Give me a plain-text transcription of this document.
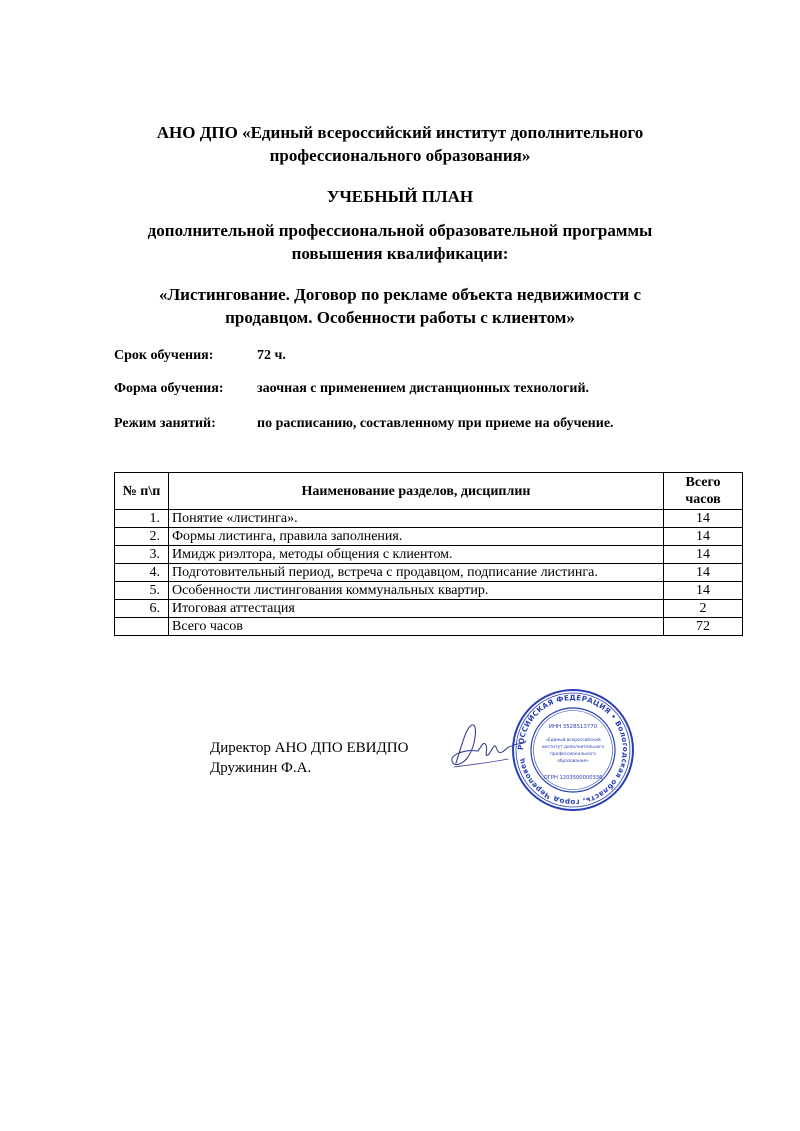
АНО ДПО «Единый всероссийский институт дополнительного
профессионального образования»
УЧЕБНЫЙ ПЛАН
дополнительной профессиональной образовательной программы
повышения квалификации:
«Листингование. Договор по рекламе объекта недвижимости с
продавцом. Особенности работы с клиентом»
Срок обучения:	72 ч.
Форма обучения: заочная с применением дистанционных технологий.
Режим занятий:	по расписанию, составленному при приеме на обучение.
№ п\п	Наименование разделов, дисциплин	Всего
часов
1.	Понятие «листинга».	14
2.	Формы листинга, правила заполнения.	14
3.	Имидж риэлтора, методы общения с клиентом.	14
4.	Подготовительный период, встреча с продавцом, подписание листинга.	14
5.	Особенности листингования коммунальных квартир.	14
6.	Итоговая аттестация	2
	Всего часов	72
Директор АНО ДПО ЕВИДПО
Дружинин Ф.А.
РОССИЙСКАЯ ФЕДЕРАЦИЯ • Вологодская область, город Череповец
ИНН 3528513770
«Единый всероссийский
институт дополнительного
профессионального
образования»
ОГРН 1203500000336
